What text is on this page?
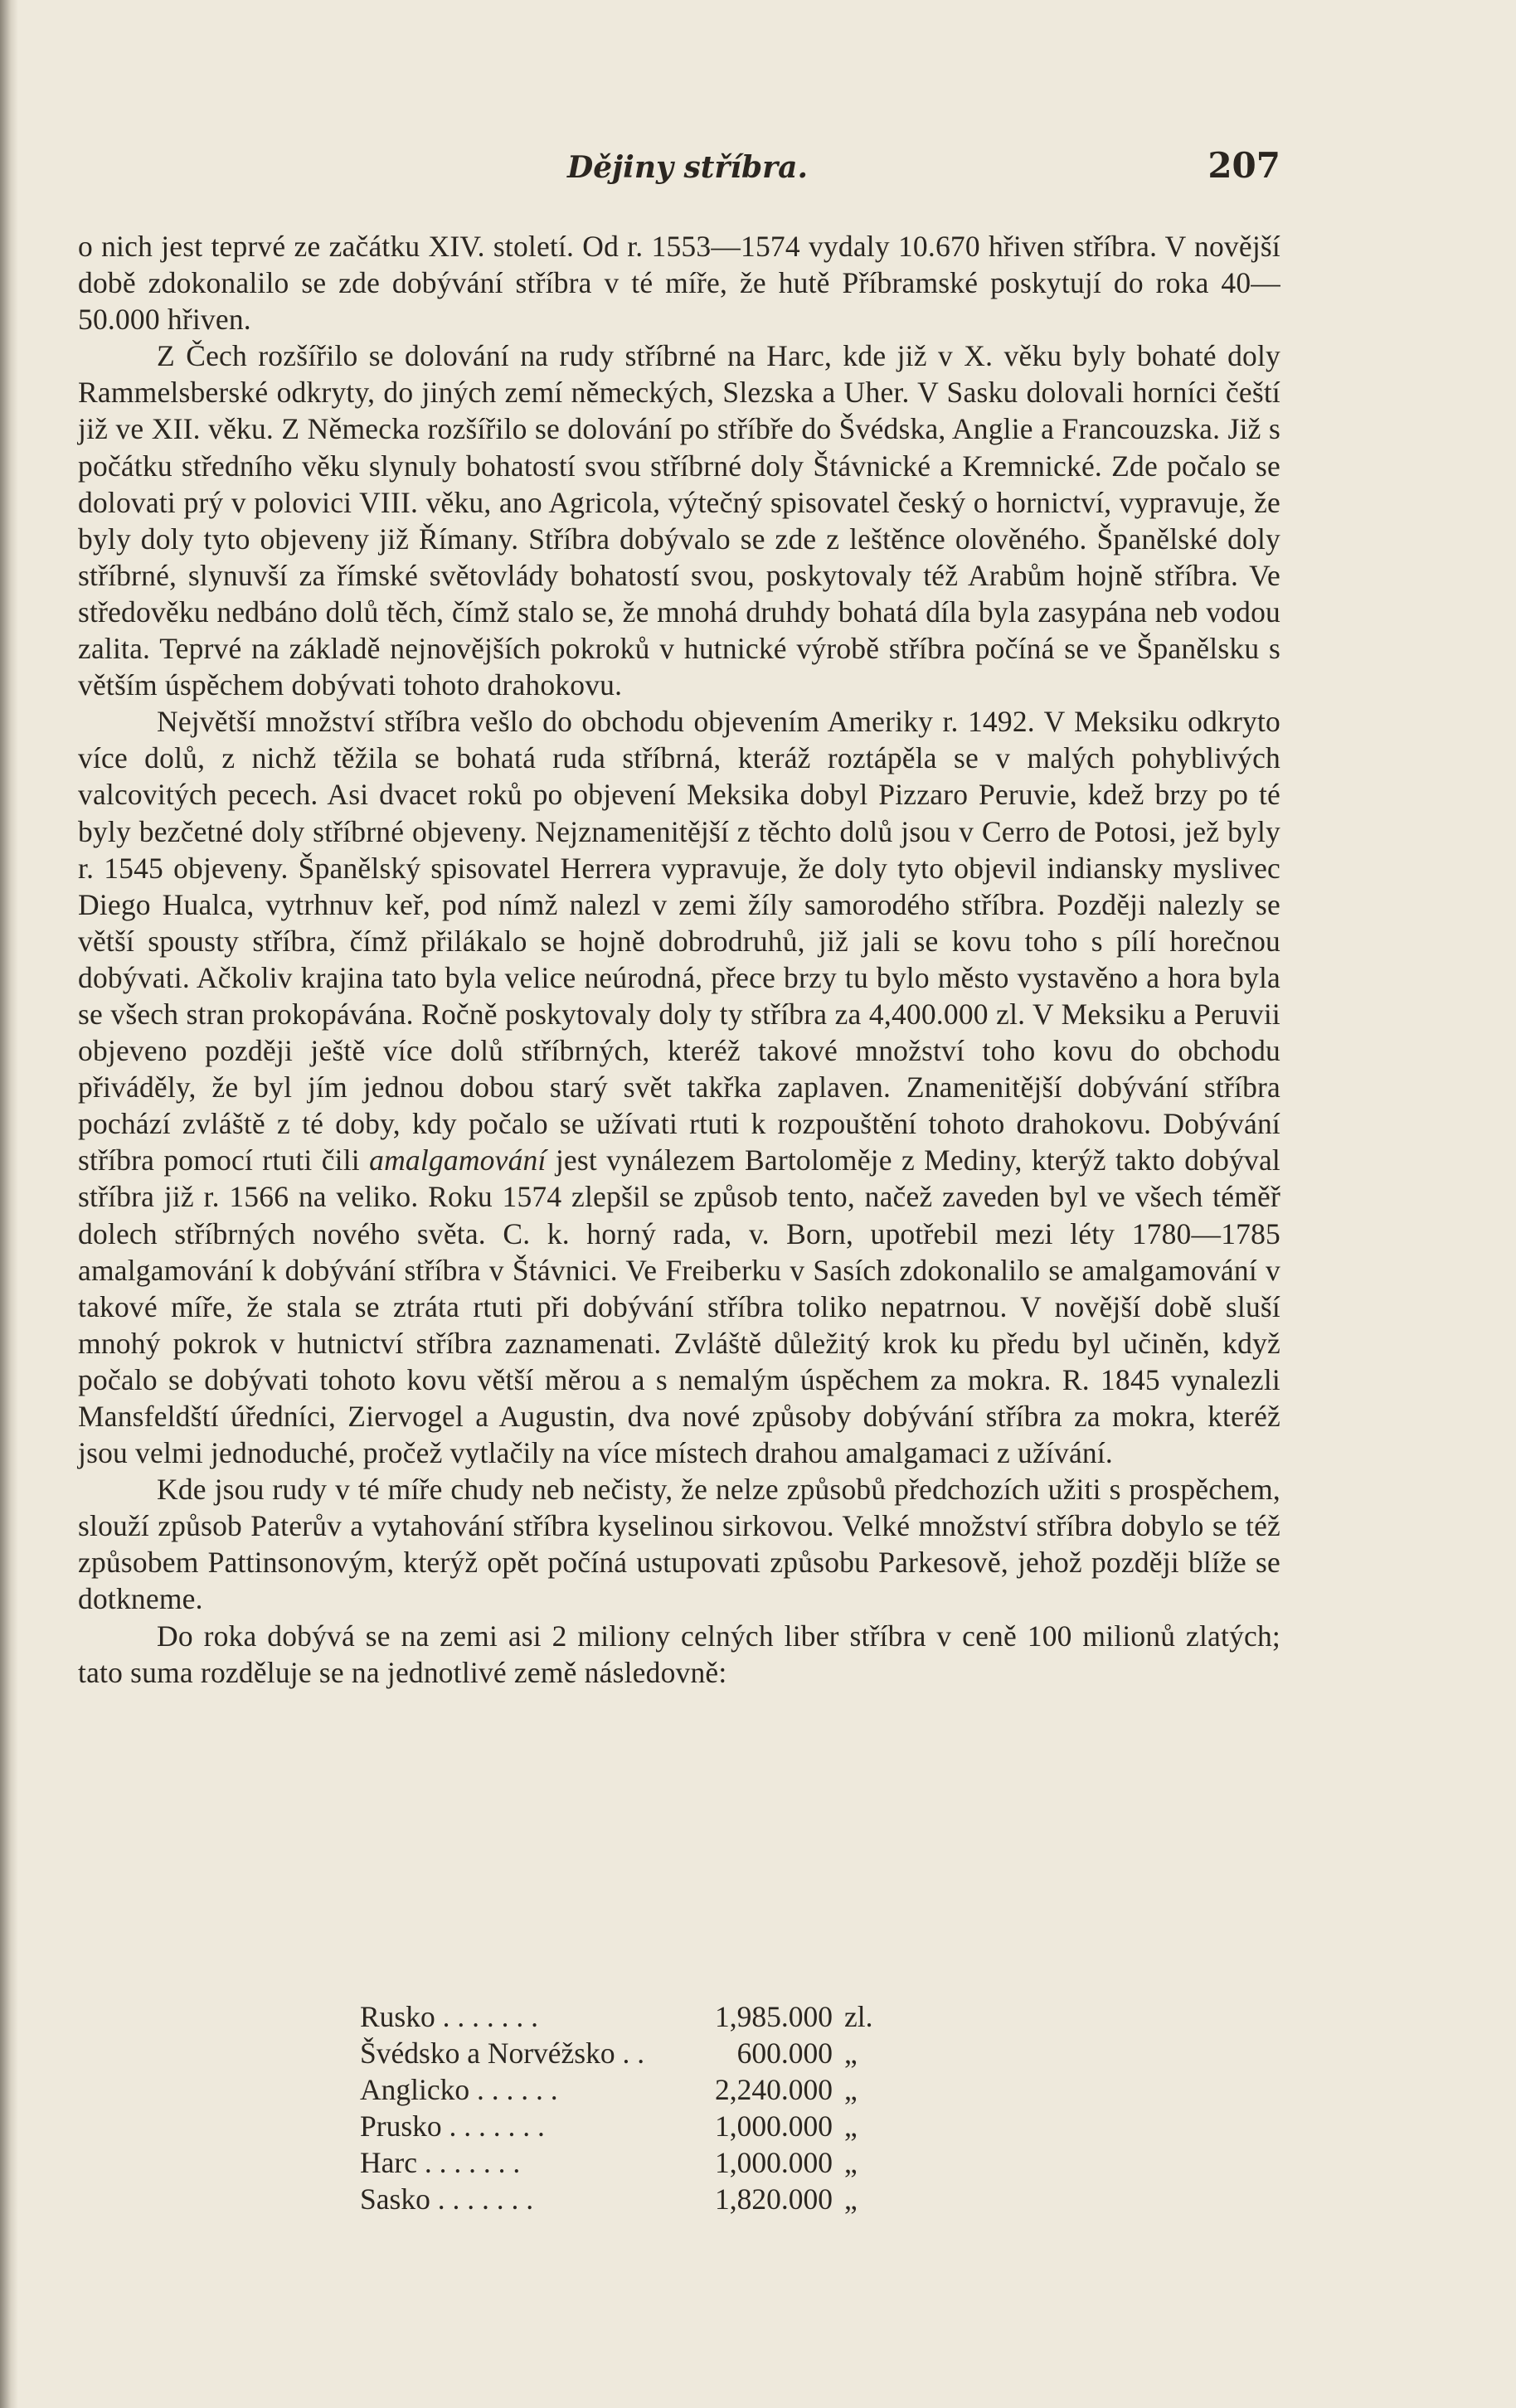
Dějiny stříbra.	207

o nich jest teprvé ze začátku XIV. století. Od r. 1553—1574 vydaly 10.670 hřiven stříbra. V novější době zdokonalilo se zde dobývání stříbra v té míře, že hutě Příbramské poskytují do roka 40—50.000 hřiven.

Z Čech rozšířilo se dolování na rudy stříbrné na Harc, kde již v X. věku byly bohaté doly Rammelsberské odkryty, do jiných zemí německých, Slezska a Uher. V Sasku dolovali horníci čeští již ve XII. věku. Z Německa rozšířilo se dolování po stříbře do Švédska, Anglie a Francouzska. Již s počátku středního věku slynuly bohatostí svou stříbrné doly Štávnické a Kremnické. Zde počalo se dolovati prý v polovici VIII. věku, ano Agricola, výtečný spisovatel český o hornictví, vypravuje, že byly doly tyto objeveny již Římany. Stříbra dobývalo se zde z leštěnce olověného. Španělské doly stříbrné, slynuvší za římské světovlády bohatostí svou, poskytovaly též Arabům hojně stříbra. Ve středověku nedbáno dolů těch, čímž stalo se, že mnohá druhdy bohatá díla byla zasypána neb vodou zalita. Teprvé na základě nejnovějších pokroků v hutnické výrobě stříbra počíná se ve Španělsku s větším úspěchem dobývati tohoto drahokovu.

Největší množství stříbra vešlo do obchodu objevením Ameriky r. 1492. V Meksiku odkryto více dolů, z nichž těžila se bohatá ruda stříbrná, kteráž roztápěla se v malých pohyblivých valcovitých pecech. Asi dvacet roků po objevení Meksika dobyl Pizzaro Peruvie, kdež brzy po té byly bezčetné doly stříbrné objeveny. Nejznamenitější z těchto dolů jsou v Cerro de Potosi, jež byly r. 1545 objeveny. Španělský spisovatel Herrera vypravuje, že doly tyto objevil indiansky myslivec Diego Hualca, vytrhnuv keř, pod nímž nalezl v zemi žíly samorodého stříbra. Později nalezly se větší spousty stříbra, čímž přilákalo se hojně dobrodruhů, již jali se kovu toho s pílí horečnou dobývati. Ačkoliv krajina tato byla velice neúrodná, přece brzy tu bylo město vystavěno a hora byla se všech stran prokopávána. Ročně poskytovaly doly ty stříbra za 4,400.000 zl. V Meksiku a Peruvii objeveno později ještě více dolů stříbrných, kteréž takové množství toho kovu do obchodu přiváděly, že byl jím jednou dobou starý svět takřka zaplaven. Znamenitější dobývání stříbra pochází zvláště z té doby, kdy počalo se užívati rtuti k rozpouštění tohoto drahokovu. Dobývání stříbra pomocí rtuti čili amalgamování jest vynálezem Bartoloměje z Mediny, kterýž takto dobýval stříbra již r. 1566 na veliko. Roku 1574 zlepšil se způsob tento, načež zaveden byl ve všech téměř dolech stříbrných nového světa. C. k. horný rada, v. Born, upotřebil mezi léty 1780—1785 amalgamování k dobývání stříbra v Štávnici. Ve Freiberku v Sasích zdokonalilo se amalgamování v takové míře, že stala se ztráta rtuti při dobývání stříbra toliko nepatrnou. V novější době sluší mnohý pokrok v hutnictví stříbra zaznamenati. Zvláště důležitý krok ku předu byl učiněn, když počalo se dobývati tohoto kovu větší měrou a s nemalým úspěchem za mokra. R. 1845 vynalezli Mansfeldští úředníci, Ziervogel a Augustin, dva nové způsoby dobývání stříbra za mokra, kteréž jsou velmi jednoduché, pročež vytlačily na více místech drahou amalgamaci z užívání.

Kde jsou rudy v té míře chudy neb nečisty, že nelze způsobů předchozích užiti s prospěchem, slouží způsob Paterův a vytahování stříbra kyselinou sirkovou. Velké množství stříbra dobylo se též způsobem Pattinsonovým, kterýž opět počíná ustupovati způsobu Parkesově, jehož později blíže se dotkneme.

Do roka dobývá se na zemi asi 2 miliony celných liber stříbra v ceně 100 milionů zlatých; tato suma rozděluje se na jednotlivé země následovně:

Rusko . . . . . . .	1,985.000 zl.
Švédsko a Norvéžsko . .	600.000 „
Anglicko . . . . . .	2,240.000 „
Prusko . . . . . . .	1,000.000 „
Harc . . . . . . .	1,000.000 „
Sasko . . . . . . .	1,820.000 „
